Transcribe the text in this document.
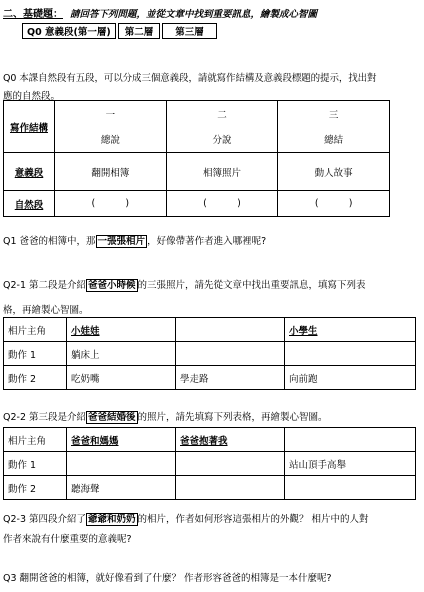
二、基礎題： 請回答下列問題，並從文章中找到重要訊息，繪製成心智圖
Q0 意義段(第一層)		第二層		第三層
Q0 本課自然段有五段，可以分成三個意義段，請就寫作結構及意義段標題的提示，找出對
應的自然段。
寫作結構	一	二	三
	總說	分說	總結
意義段	翻開相簿	相簿照片	動人故事
自然段	(          )	(          )	(          )
Q1 爸爸的相簿中，那 一張張相片 ，好像帶著作者進入哪裡呢?
Q2-1 第二段是介紹 爸爸小時候 的三張照片，請先從文章中找出重要訊息，填寫下列表
格，再繪製心智圖。
相片主角	小娃娃		小學生
動作 1	躺床上		
動作 2	吃奶嘴	學走路	向前跑
Q2-2 第三段是介紹 爸爸結婚後 的照片，請先填寫下列表格，再繪製心智圖。
相片主角	爸爸和媽媽	爸爸抱著我	
動作 1			站山頂手高舉
動作 2	聽海聲		
Q2-3 第四段介紹了 爺爺和奶奶 的相片，作者如何形容這張相片的外觀？ 相片中的人對
作者來說有什麼重要的意義呢?
Q3 翻開爸爸的相簿，就好像看到了什麼？ 作者形容爸爸的相簿是一本什麼呢?
